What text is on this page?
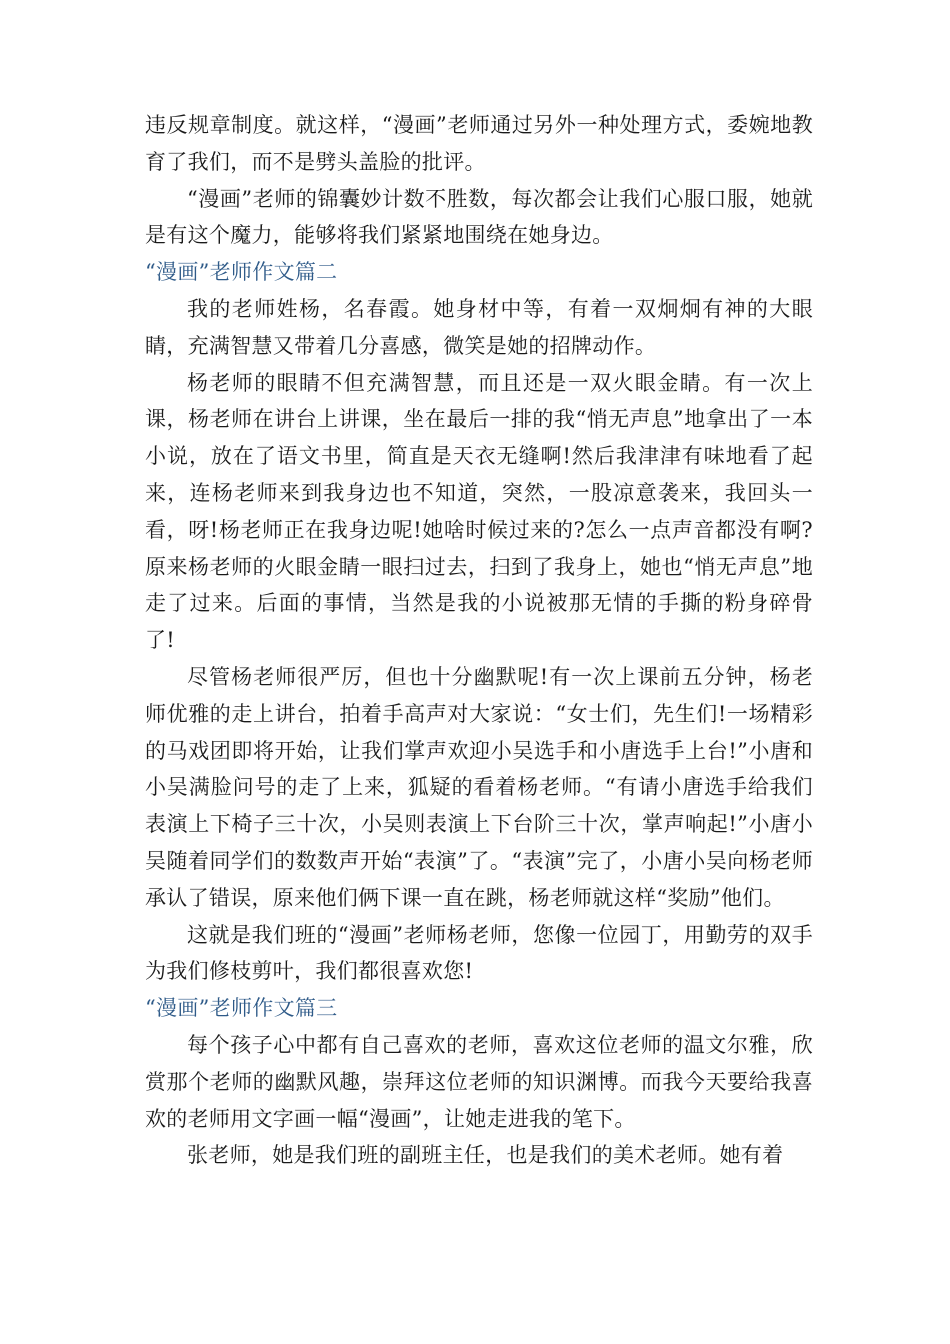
违反规章制度。就这样，“漫画”老师通过另外一种处理方式，委婉地教育了我们，而不是劈头盖脸的批评。

“漫画”老师的锦囊妙计数不胜数，每次都会让我们心服口服，她就是有这个魔力，能够将我们紧紧地围绕在她身边。

“漫画”老师作文篇二

我的老师姓杨，名春霞。她身材中等，有着一双炯炯有神的大眼睛，充满智慧又带着几分喜感，微笑是她的招牌动作。

杨老师的眼睛不但充满智慧，而且还是一双火眼金睛。有一次上课，杨老师在讲台上讲课，坐在最后一排的我“悄无声息”地拿出了一本小说，放在了语文书里，简直是天衣无缝啊!然后我津津有味地看了起来，连杨老师来到我身边也不知道，突然，一股凉意袭来，我回头一看，呀!杨老师正在我身边呢!她啥时候过来的?怎么一点声音都没有啊?原来杨老师的火眼金睛一眼扫过去，扫到了我身上，她也“悄无声息”地走了过来。后面的事情，当然是我的小说被那无情的手撕的粉身碎骨了!

尽管杨老师很严厉，但也十分幽默呢!有一次上课前五分钟，杨老师优雅的走上讲台，拍着手高声对大家说：“女士们，先生们!一场精彩的马戏团即将开始，让我们掌声欢迎小吴选手和小唐选手上台!”小唐和小吴满脸问号的走了上来，狐疑的看着杨老师。“有请小唐选手给我们表演上下椅子三十次，小吴则表演上下台阶三十次，掌声响起!”小唐小吴随着同学们的数数声开始“表演”了。“表演”完了，小唐小吴向杨老师承认了错误，原来他们俩下课一直在跳，杨老师就这样“奖励”他们。

这就是我们班的“漫画”老师杨老师，您像一位园丁，用勤劳的双手为我们修枝剪叶，我们都很喜欢您!

“漫画”老师作文篇三

每个孩子心中都有自己喜欢的老师，喜欢这位老师的温文尔雅，欣赏那个老师的幽默风趣，崇拜这位老师的知识渊博。而我今天要给我喜欢的老师用文字画一幅“漫画”，让她走进我的笔下。

张老师，她是我们班的副班主任，也是我们的美术老师。她有着
